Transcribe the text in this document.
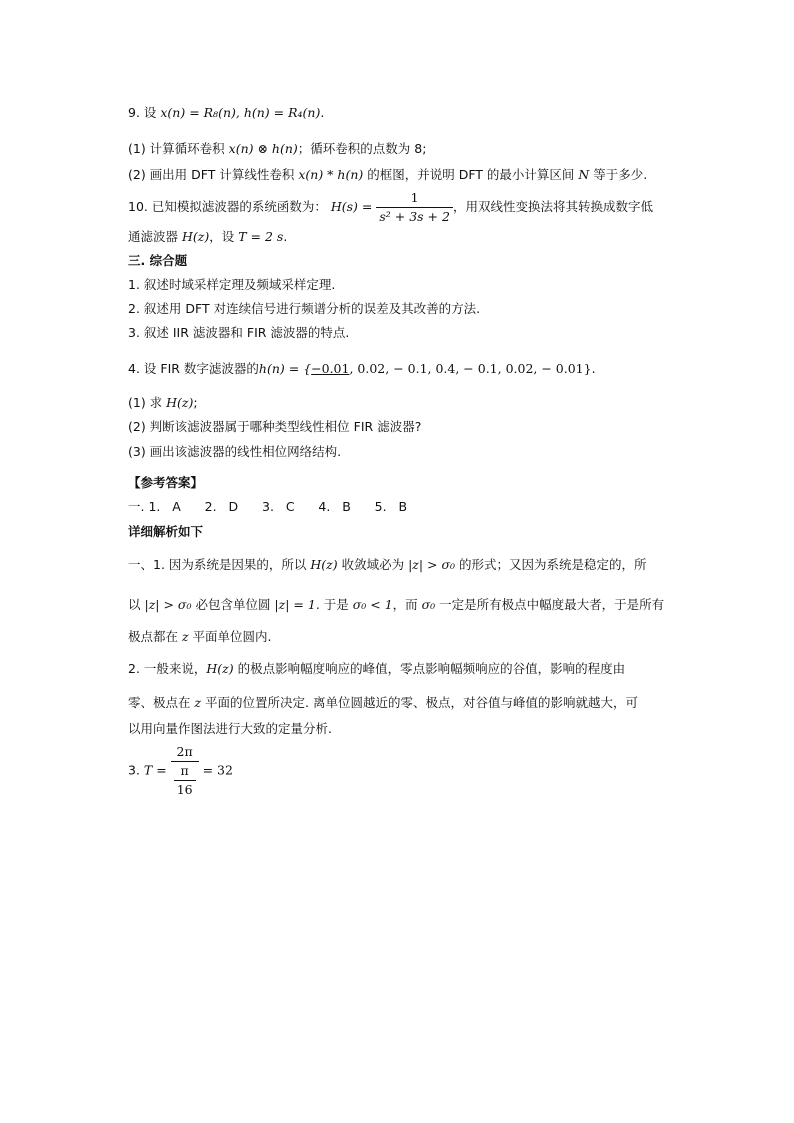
9. 设 x(n) = R₈(n), h(n) = R₄(n).
(1) 计算循环卷积 x(n) ⊗ h(n)；循环卷积的点数为 8;
(2) 画出用 DFT 计算线性卷积 x(n) * h(n) 的框图，并说明 DFT 的最小计算区间 N 等于多少.
10. 已知模拟滤波器的系统函数为： $H(s) = \frac{1}{\text{s² + 3s + 2}}$ ，用双线性变换法将其转换成数字低
通滤波器 H(z)，设 T = 2 s.
三. 综合题
1. 叙述时域采样定理及频域采样定理.
2. 叙述用 DFT 对连续信号进行频谱分析的误差及其改善的方法.
3. 叙述 IIR 滤波器和 FIR 滤波器的特点.
4. 设 FIR 数字滤波器的h(n) = {−0.01, 0.02, − 0.1, 0.4, − 0.1, 0.02, − 0.01}.
(1) 求 H(z);
(2) 判断该滤波器属于哪种类型线性相位 FIR 滤波器?
(3) 画出该滤波器的线性相位网络结构.
【参考答案】
一. 1.   A      2.   D      3.   C      4.   B      5.   B
详细解析如下
一、1. 因为系统是因果的，所以 H(z) 收敛域必为 |z| > σ₀ 的形式；又因为系统是稳定的，所
以 |z| > σ₀ 必包含单位圆 |z| = 1. 于是 σ₀ < 1，而 σ₀ 一定是所有极点中幅度最大者，于是所有
极点都在 z 平面单位圆内.
2. 一般来说，H(z) 的极点影响幅度响应的峰值，零点影响幅频响应的谷值，影响的程度由
零、极点在 z 平面的位置所决定. 离单位圆越近的零、极点，对谷值与峰值的影响就越大，可
以用向量作图法进行大致的定量分析.
3. $T = \frac{2\pi}{\frac{\pi}{16}} = 32$
